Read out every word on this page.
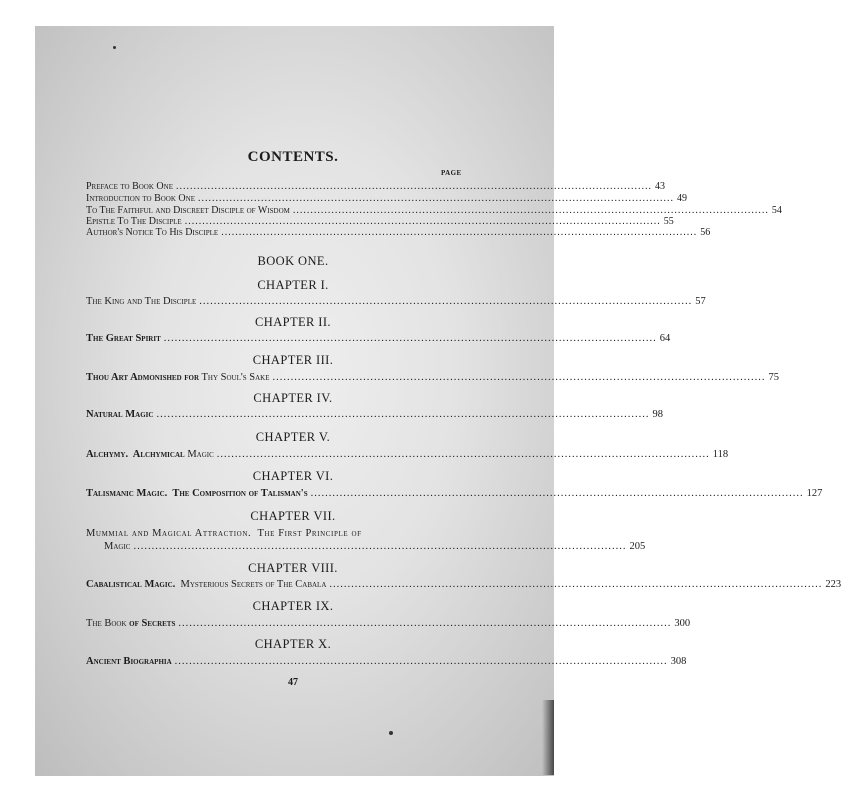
CONTENTS.
PAGE
Preface to Book One ........................................................................................................................................ 43
Introduction to Book One ........................................................................................................................................ 49
To The Faithful and Discreet Disciple of Wisdom ........................................................................................................................................ 54
Epistle To The Disciple ........................................................................................................................................ 55
Author's Notice To His Disciple ........................................................................................................................................ 56
BOOK ONE.
CHAPTER I.
The King and The Disciple ........................................................................................................................................ 57
CHAPTER II.
The Great Spirit ........................................................................................................................................ 64
CHAPTER III.
Thou Art Admonished for Thy Soul's Sake ........................................................................................................................................ 75
CHAPTER IV.
Natural Magic ........................................................................................................................................ 98
CHAPTER V.
Alchymy.  Alchymical Magic ........................................................................................................................................ 118
CHAPTER VI.
Talismanic Magic.  The Composition of Talisman's ........................................................................................................................................ 127
CHAPTER VII.
Mummial and Magical Attraction.  The First Principle of
Magic ........................................................................................................................................ 205
CHAPTER VIII.
Cabalistical Magic.  Mysterious Secrets of The Cabala ........................................................................................................................................ 223
CHAPTER IX.
The Book of Secrets ........................................................................................................................................ 300
CHAPTER X.
Ancient Biographia ........................................................................................................................................ 308
47
